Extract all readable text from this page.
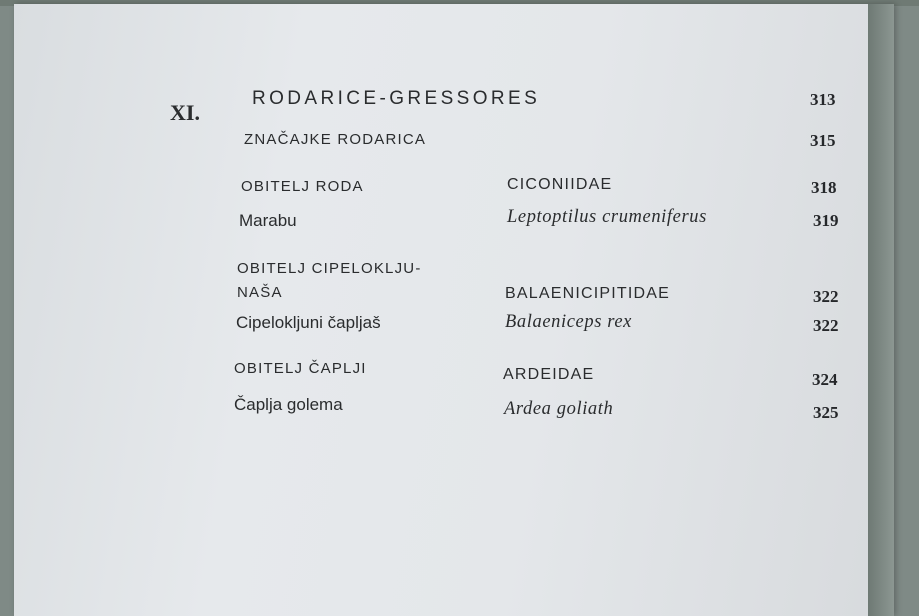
XI.
RODARICE-GRESSORES	313
ZNAČAJKE RODARICA	315
OBITELJ RODA	CICONIIDAE	318
Marabu	Leptoptilus crumeniferus	319
OBITELJ CIPELOKLJU-
NAŠA	BALAENICIPITIDAE	322
Cipelokljuni čapljaš	Balaeniceps rex	322
OBITELJ ČAPLJI	ARDEIDAE	324
Čaplja golema	Ardea goliath	325
